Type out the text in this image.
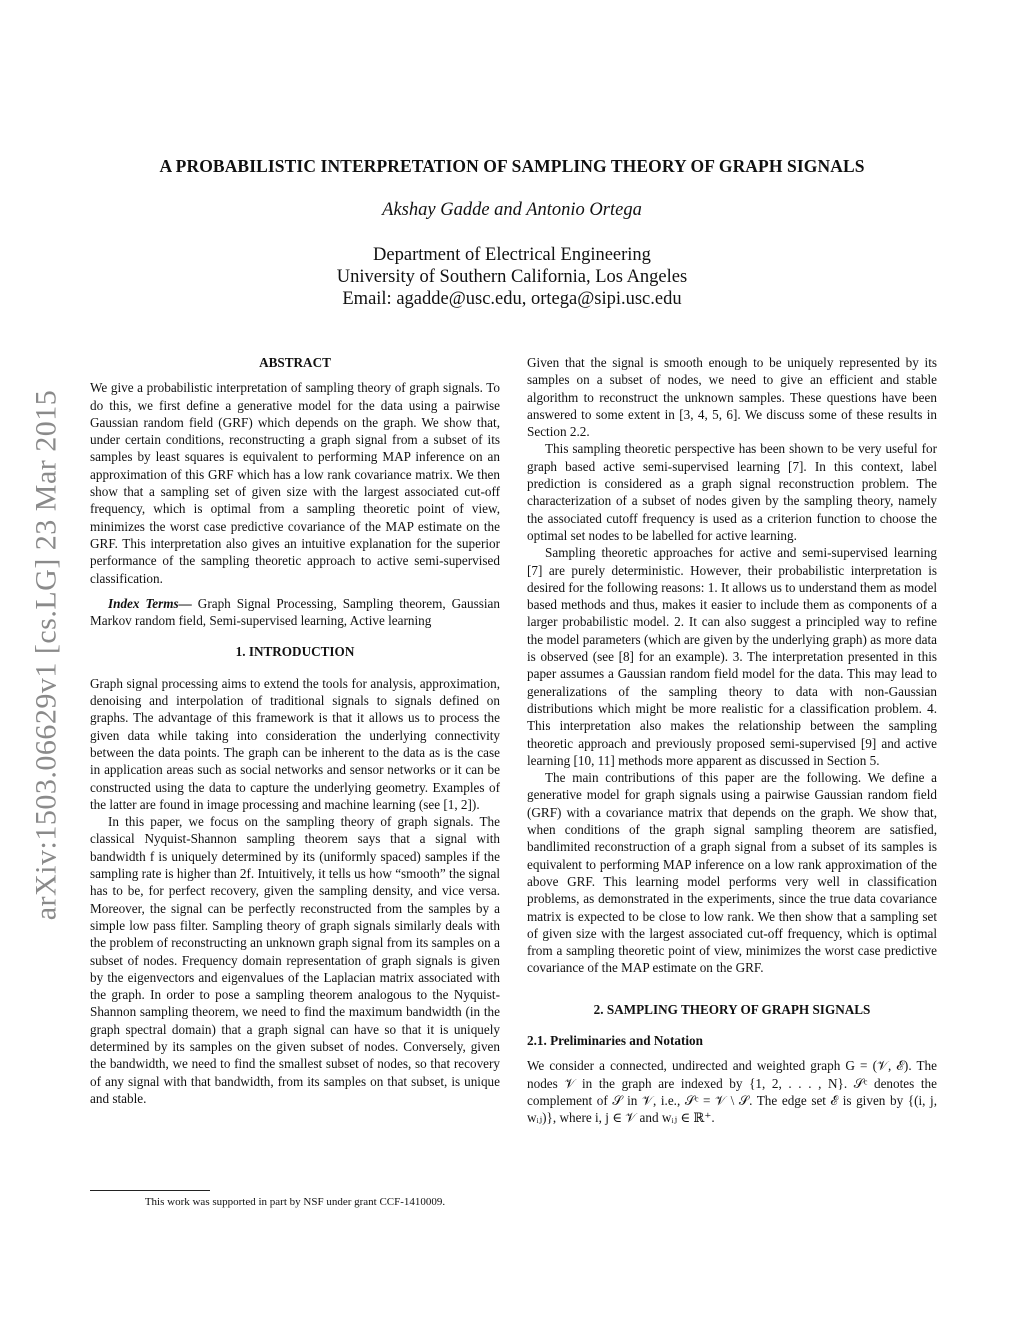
arXiv:1503.06629v1 [cs.LG] 23 Mar 2015
A PROBABILISTIC INTERPRETATION OF SAMPLING THEORY OF GRAPH SIGNALS
Akshay Gadde and Antonio Ortega
Department of Electrical Engineering
University of Southern California, Los Angeles
Email: agadde@usc.edu, ortega@sipi.usc.edu
ABSTRACT

We give a probabilistic interpretation of sampling theory of graph signals. To do this, we first define a generative model for the data using a pairwise Gaussian random field (GRF) which depends on the graph. We show that, under certain conditions, reconstructing a graph signal from a subset of its samples by least squares is equivalent to performing MAP inference on an approximation of this GRF which has a low rank covariance matrix. We then show that a sampling set of given size with the largest associated cut-off frequency, which is optimal from a sampling theoretic point of view, minimizes the worst case predictive covariance of the MAP estimate on the GRF. This interpretation also gives an intuitive explanation for the superior performance of the sampling theoretic approach to active semi-supervised classification.

Index Terms— Graph Signal Processing, Sampling theorem, Gaussian Markov random field, Semi-supervised learning, Active learning

1. INTRODUCTION

Graph signal processing aims to extend the tools for analysis, approximation, denoising and interpolation of traditional signals to signals defined on graphs. The advantage of this framework is that it allows us to process the given data while taking into consideration the underlying connectivity between the data points. The graph can be inherent to the data as is the case in application areas such as social networks and sensor networks or it can be constructed using the data to capture the underlying geometry. Examples of the latter are found in image processing and machine learning (see [1, 2]).

In this paper, we focus on the sampling theory of graph signals. The classical Nyquist-Shannon sampling theorem says that a signal with bandwidth f is uniquely determined by its (uniformly spaced) samples if the sampling rate is higher than 2f. Intuitively, it tells us how “smooth” the signal has to be, for perfect recovery, given the sampling density, and vice versa. Moreover, the signal can be perfectly reconstructed from the samples by a simple low pass filter. Sampling theory of graph signals similarly deals with the problem of reconstructing an unknown graph signal from its samples on a subset of nodes. Frequency domain representation of graph signals is given by the eigenvectors and eigenvalues of the Laplacian matrix associated with the graph. In order to pose a sampling theorem analogous to the Nyquist-Shannon sampling theorem, we need to find the maximum bandwidth (in the graph spectral domain) that a graph signal can have so that it is uniquely determined by its samples on the given subset of nodes. Conversely, given the bandwidth, we need to find the smallest subset of nodes, so that recovery of any signal with that bandwidth, from its samples on that subset, is unique and stable.

Given that the signal is smooth enough to be uniquely represented by its samples on a subset of nodes, we need to give an efficient and stable algorithm to reconstruct the unknown samples. These questions have been answered to some extent in [3, 4, 5, 6]. We discuss some of these results in Section 2.2.

This sampling theoretic perspective has been shown to be very useful for graph based active semi-supervised learning [7]. In this context, label prediction is considered as a graph signal reconstruction problem. The characterization of a subset of nodes given by the sampling theory, namely the associated cutoff frequency is used as a criterion function to choose the optimal set nodes to be labelled for active learning.

Sampling theoretic approaches for active and semi-supervised learning [7] are purely deterministic. However, their probabilistic interpretation is desired for the following reasons: 1. It allows us to understand them as model based methods and thus, makes it easier to include them as components of a larger probabilistic model. 2. It can also suggest a principled way to refine the model parameters (which are given by the underlying graph) as more data is observed (see [8] for an example). 3. The interpretation presented in this paper assumes a Gaussian random field model for the data. This may lead to generalizations of the sampling theory to data with non-Gaussian distributions which might be more realistic for a classification problem. 4. This interpretation also makes the relationship between the sampling theoretic approach and previously proposed semi-supervised [9] and active learning [10, 11] methods more apparent as discussed in Section 5.

The main contributions of this paper are the following. We define a generative model for graph signals using a pairwise Gaussian random field (GRF) with a covariance matrix that depends on the graph. We show that, when conditions of the graph signal sampling theorem are satisfied, bandlimited reconstruction of a graph signal from a subset of its samples is equivalent to performing MAP inference on a low rank approximation of the above GRF. This learning model performs very well in classification problems, as demonstrated in the experiments, since the true data covariance matrix is expected to be close to low rank. We then show that a sampling set of given size with the largest associated cut-off frequency, which is optimal from a sampling theoretic point of view, minimizes the worst case predictive covariance of the MAP estimate on the GRF.

2. SAMPLING THEORY OF GRAPH SIGNALS
2.1. Preliminaries and Notation

We consider a connected, undirected and weighted graph G = (𝒱, ℰ). The nodes 𝒱 in the graph are indexed by {1, 2, . . . , N}. 𝒮ᶜ denotes the complement of 𝒮 in 𝒱, i.e., 𝒮ᶜ = 𝒱 \ 𝒮. The edge set ℰ is given by {(i, j, wᵢⱼ)}, where i, j ∈ 𝒱 and wᵢⱼ ∈ ℝ⁺.

This work was supported in part by NSF under grant CCF-1410009.
